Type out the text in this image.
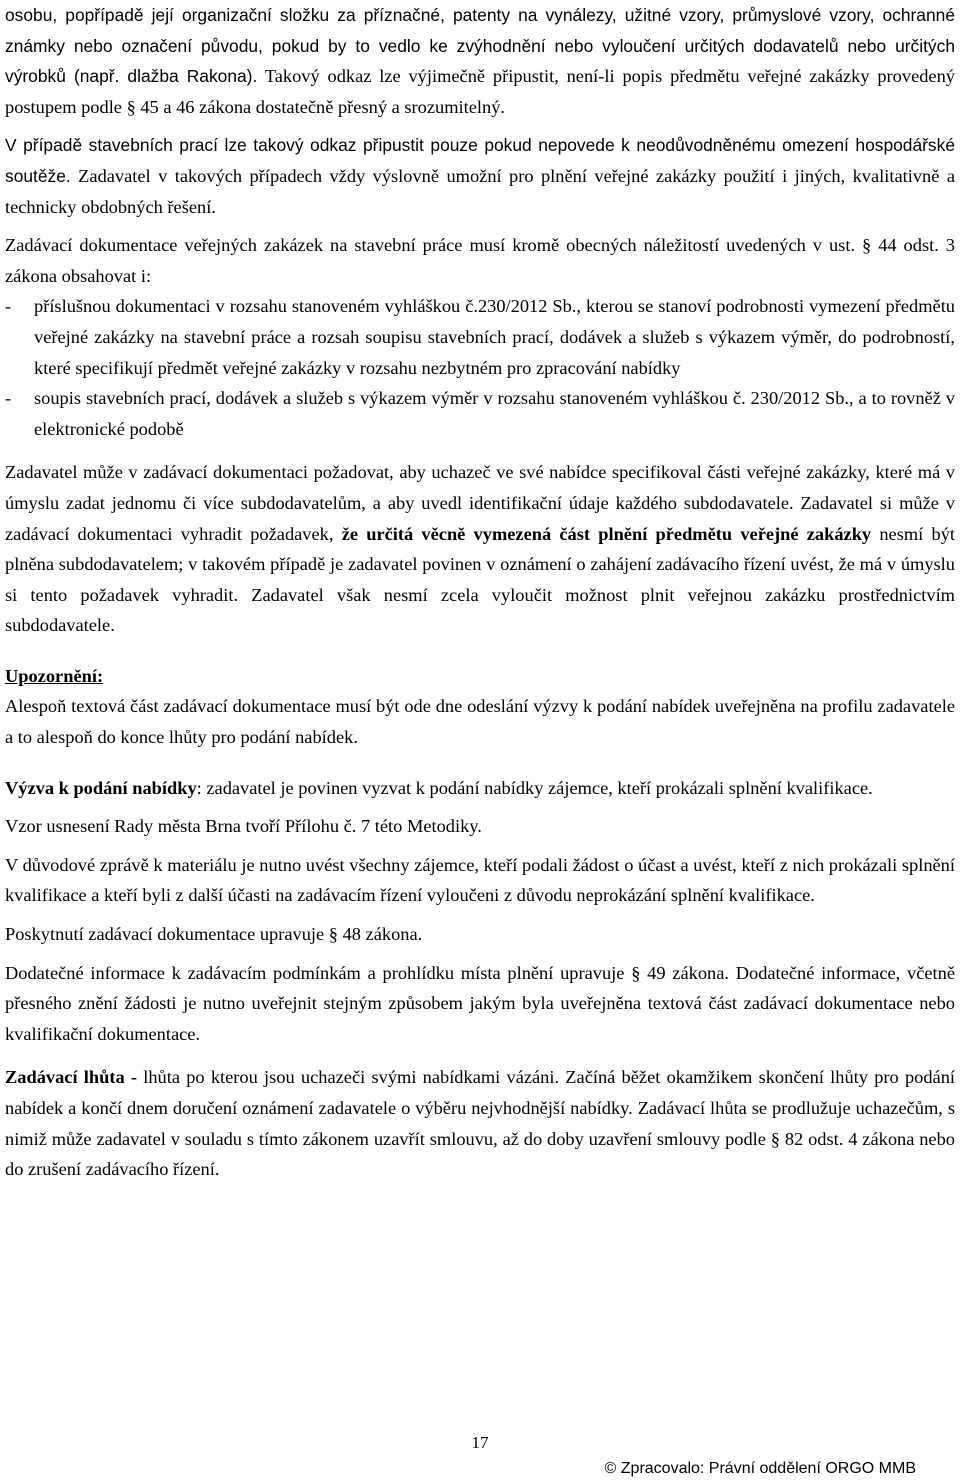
osobu, popřípadě její organizační složku za příznačné, patenty na vynálezy, užitné vzory, průmyslové vzory, ochranné známky nebo označení původu, pokud by to vedlo ke zvýhodnění nebo vyloučení určitých dodavatelů nebo určitých výrobků (např. dlažba Rakona). Takový odkaz lze výjimečně připustit, není-li popis předmětu veřejné zakázky provedený postupem podle § 45 a 46 zákona dostatečně přesný a srozumitelný.

V případě stavebních prací lze takový odkaz připustit pouze pokud nepovede k neodůvodněnému omezení hospodářské soutěže. Zadavatel v takových případech vždy výslovně umožní pro plnění veřejné zakázky použití i jiných, kvalitativně a technicky obdobných řešení.

Zadávací dokumentace veřejných zakázek na stavební práce musí kromě obecných náležitostí uvedených v ust. § 44 odst. 3 zákona obsahovat i:

-	příslušnou dokumentaci v rozsahu stanoveném vyhláškou č.230/2012 Sb., kterou se stanoví podrobnosti vymezení předmětu veřejné zakázky na stavební práce a rozsah soupisu stavebních prací, dodávek a služeb s výkazem výměr, do podrobností, které specifikují předmět veřejné zakázky v rozsahu nezbytném pro zpracování nabídky
-	soupis stavebních prací, dodávek a služeb s výkazem výměr v rozsahu stanoveném vyhláškou č. 230/2012 Sb., a to rovněž v elektronické podobě

Zadavatel může v zadávací dokumentaci požadovat, aby uchazeč ve své nabídce specifikoval části veřejné zakázky, které má v úmyslu zadat jednomu či více subdodavatelům, a aby uvedl identifikační údaje každého subdodavatele. Zadavatel si může v zadávací dokumentaci vyhradit požadavek, že určitá věcně vymezená část plnění předmětu veřejné zakázky nesmí být plněna subdodavatelem; v takovém případě je zadavatel povinen v oznámení o zahájení zadávacího řízení uvést, že má v úmyslu si tento požadavek vyhradit. Zadavatel však nesmí zcela vyloučit možnost plnit veřejnou zakázku prostřednictvím subdodavatele.

Upozornění:

Alespoň textová část zadávací dokumentace musí být ode dne odeslání výzvy k podání nabídek uveřejněna na profilu zadavatele a to alespoň do konce lhůty pro podání nabídek.

Výzva k podání nabídky: zadavatel je povinen vyzvat k podání nabídky zájemce, kteří prokázali splnění kvalifikace.

Vzor usnesení Rady města Brna tvoří Přílohu č. 7 této Metodiky.

V důvodové zprávě k materiálu je nutno uvést všechny zájemce, kteří podali žádost o účast a uvést, kteří z nich prokázali splnění kvalifikace a kteří byli z další účasti na zadávacím řízení vyloučeni z důvodu neprokázání splnění kvalifikace.

Poskytnutí zadávací dokumentace upravuje § 48 zákona.

Dodatečné informace k zadávacím podmínkám a prohlídku místa plnění upravuje § 49 zákona. Dodatečné informace, včetně přesného znění žádosti je nutno uveřejnit stejným způsobem jakým byla uveřejněna textová část zadávací dokumentace nebo kvalifikační dokumentace.

Zadávací lhůta - lhůta po kterou jsou uchazeči svými nabídkami vázáni. Začíná běžet okamžikem skončení lhůty pro podání nabídek a končí dnem doručení oznámení zadavatele o výběru nejvhodnější nabídky. Zadávací lhůta se prodlužuje uchazečům, s nimiž může zadavatel v souladu s tímto zákonem uzavřít smlouvu, až do doby uzavření smlouvy podle § 82 odst. 4 zákona nebo do zrušení zadávacího řízení.

17
© Zpracovalo: Právní oddělení ORGO MMB
